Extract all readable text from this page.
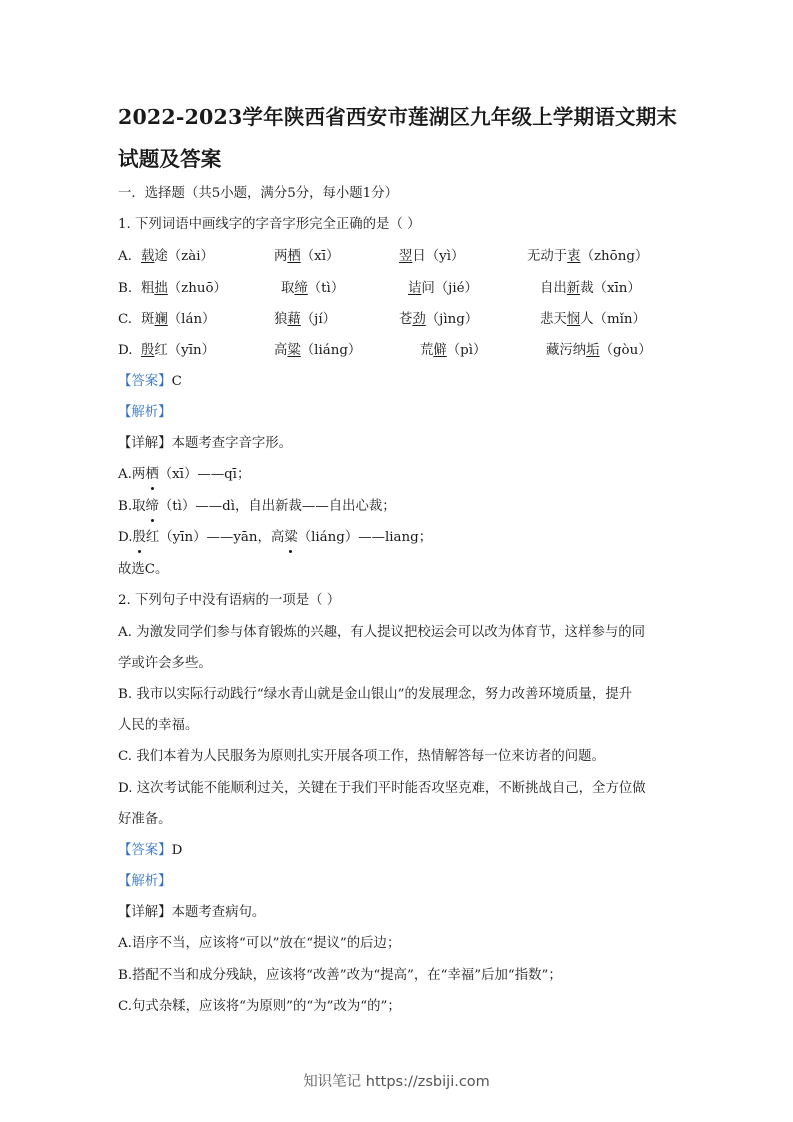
2022-2023学年陕西省西安市莲湖区九年级上学期语文期末
试题及答案
一．选择题（共5小题，满分5分，每小题1分）
1. 下列词语中画线字的字音字形完全正确的是（ ）
A. 载途（zài）	两栖（xī）	翌日（yì）	无动于衷（zhōng）
B. 粗拙（zhuō）	取缔（tì）	诘问（jié）	自出新裁（xīn）
C. 斑斓（lán）	狼藉（jí）	苍劲（jìng）	悲天悯人（mǐn）
D. 殷红（yīn）	高粱（liáng）	荒僻（pì）	藏污纳垢（gòu）
【答案】C
【解析】
【详解】本题考查字音字形。
A.两栖（xī）——qī；
B.取缔（tì）——dì，自出新裁——自出心裁；
D.殷红（yīn）——yān，高粱（liáng）——liang；
故选C。
2. 下列句子中没有语病的一项是（ ）
A. 为激发同学们参与体育锻炼的兴趣，有人提议把校运会可以改为体育节，这样参与的同
学或许会多些。
B. 我市以实际行动践行“绿水青山就是金山银山”的发展理念，努力改善环境质量，提升
人民的幸福。
C. 我们本着为人民服务为原则扎实开展各项工作，热情解答每一位来访者的问题。
D. 这次考试能不能顺利过关，关键在于我们平时能否攻坚克难，不断挑战自己，全方位做
好准备。
【答案】D
【解析】
【详解】本题考查病句。
A.语序不当，应该将“可以”放在“提议”的后边；
B.搭配不当和成分残缺，应该将“改善”改为“提高”，在“幸福”后加“指数”；
C.句式杂糅，应该将“为原则”的“为”改为“的”；
知识笔记 https://zsbiji.com
